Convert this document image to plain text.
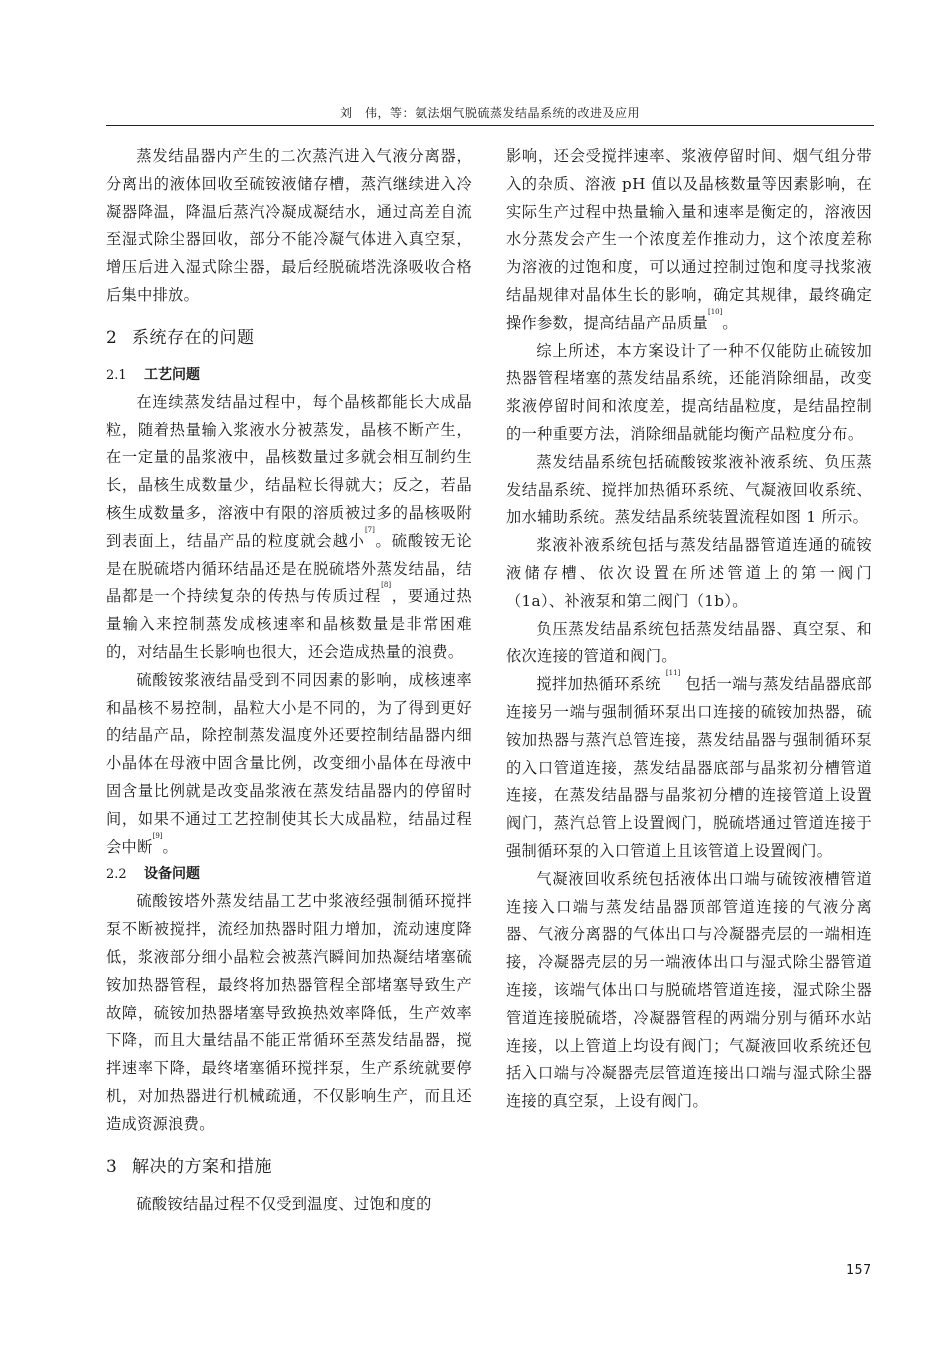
刘　伟，等：氨法烟气脱硫蒸发结晶系统的改进及应用

蒸发结晶器内产生的二次蒸汽进入气液分离器，分离出的液体回收至硫铵液储存槽，蒸汽继续进入冷凝器降温，降温后蒸汽冷凝成凝结水，通过高差自流至湿式除尘器回收，部分不能冷凝气体进入真空泵，增压后进入湿式除尘器，最后经脱硫塔洗涤吸收合格后集中排放。

2 系统存在的问题
2.1 工艺问题

在连续蒸发结晶过程中，每个晶核都能长大成晶粒，随着热量输入浆液水分被蒸发，晶核不断产生，在一定量的晶浆液中，晶核数量过多就会相互制约生长，晶核生成数量少，结晶粒长得就大；反之，若晶核生成数量多，溶液中有限的溶质被过多的晶核吸附到表面上，结晶产品的粒度就会越小[7]。硫酸铵无论是在脱硫塔内循环结晶还是在脱硫塔外蒸发结晶，结晶都是一个持续复杂的传热与传质过程[8]，要通过热量输入来控制蒸发成核速率和晶核数量是非常困难的，对结晶生长影响也很大，还会造成热量的浪费。

硫酸铵浆液结晶受到不同因素的影响，成核速率和晶核不易控制，晶粒大小是不同的，为了得到更好的结晶产品，除控制蒸发温度外还要控制结晶器内细小晶体在母液中固含量比例，改变细小晶体在母液中固含量比例就是改变晶浆液在蒸发结晶器内的停留时间，如果不通过工艺控制使其长大成晶粒，结晶过程会中断[9]。

2.2 设备问题

硫酸铵塔外蒸发结晶工艺中浆液经强制循环搅拌泵不断被搅拌，流经加热器时阻力增加，流动速度降低，浆液部分细小晶粒会被蒸汽瞬间加热凝结堵塞硫铵加热器管程，最终将加热器管程全部堵塞导致生产故障，硫铵加热器堵塞导致换热效率降低，生产效率下降，而且大量结晶不能正常循环至蒸发结晶器，搅拌速率下降，最终堵塞循环搅拌泵，生产系统就要停机，对加热器进行机械疏通，不仅影响生产，而且还造成资源浪费。

3 解决的方案和措施

硫酸铵结晶过程不仅受到温度、过饱和度的

影响，还会受搅拌速率、浆液停留时间、烟气组分带入的杂质、溶液 pH 值以及晶核数量等因素影响，在实际生产过程中热量输入量和速率是衡定的，溶液因水分蒸发会产生一个浓度差作推动力，这个浓度差称为溶液的过饱和度，可以通过控制过饱和度寻找浆液结晶规律对晶体生长的影响，确定其规律，最终确定操作参数，提高结晶产品质量[10]。

综上所述，本方案设计了一种不仅能防止硫铵加热器管程堵塞的蒸发结晶系统，还能消除细晶，改变浆液停留时间和浓度差，提高结晶粒度，是结晶控制的一种重要方法，消除细晶就能均衡产品粒度分布。

蒸发结晶系统包括硫酸铵浆液补液系统、负压蒸发结晶系统、搅拌加热循环系统、气凝液回收系统、加水辅助系统。蒸发结晶系统装置流程如图 1 所示。

浆液补液系统包括与蒸发结晶器管道连通的硫铵液储存槽、依次设置在所述管道上的第一阀门（1a）、补液泵和第二阀门（1b）。

负压蒸发结晶系统包括蒸发结晶器、真空泵、和依次连接的管道和阀门。

搅拌加热循环系统 [11] 包括一端与蒸发结晶器底部连接另一端与强制循环泵出口连接的硫铵加热器，硫铵加热器与蒸汽总管连接，蒸发结晶器与强制循环泵的入口管道连接，蒸发结晶器底部与晶浆初分槽管道连接，在蒸发结晶器与晶浆初分槽的连接管道上设置阀门，蒸汽总管上设置阀门，脱硫塔通过管道连接于强制循环泵的入口管道上且该管道上设置阀门。

气凝液回收系统包括液体出口端与硫铵液槽管道连接入口端与蒸发结晶器顶部管道连接的气液分离器、气液分离器的气体出口与冷凝器壳层的一端相连接，冷凝器壳层的另一端液体出口与湿式除尘器管道连接，该端气体出口与脱硫塔管道连接，湿式除尘器管道连接脱硫塔，冷凝器管程的两端分别与循环水站连接，以上管道上均设有阀门；气凝液回收系统还包括入口端与冷凝器壳层管道连接出口端与湿式除尘器连接的真空泵，上设有阀门。

157
